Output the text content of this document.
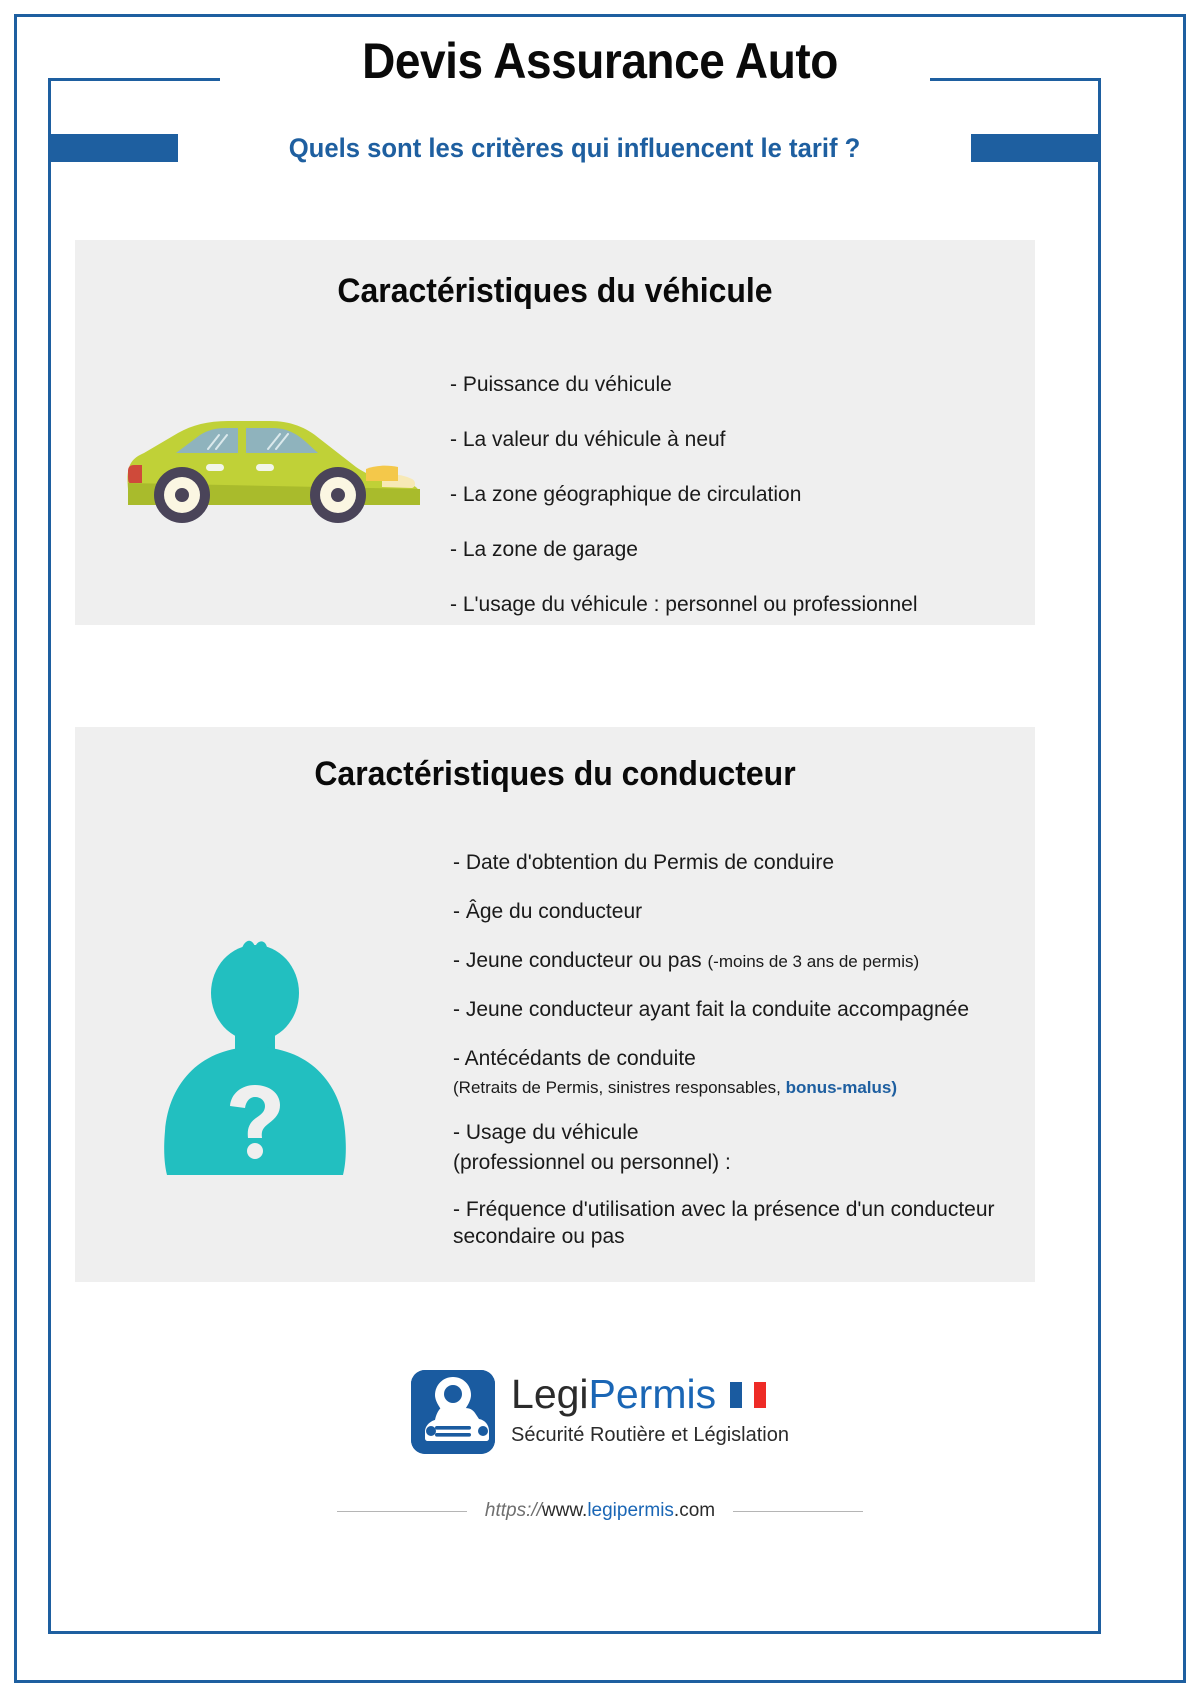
Devis Assurance Auto
Quels sont les critères qui influencent le tarif ?
Caractéristiques du véhicule
- Puissance du véhicule
- La valeur du véhicule à neuf
- La zone géographique de circulation
- La zone de garage
- L'usage du véhicule : personnel ou professionnel
Caractéristiques du conducteur
- Date d'obtention du Permis de conduire
- Âge du conducteur
- Jeune conducteur ou pas (-moins de 3 ans de permis)
- Jeune conducteur ayant fait la conduite accompagnée
- Antécédants de conduite
(Retraits de Permis, sinistres responsables, bonus-malus)
- Usage du véhicule
(professionnel ou personnel) :
- Fréquence d'utilisation avec la présence d'un conducteur secondaire ou pas
Legi Permis
Sécurité Routière et Législation
https://www.legipermis.com
